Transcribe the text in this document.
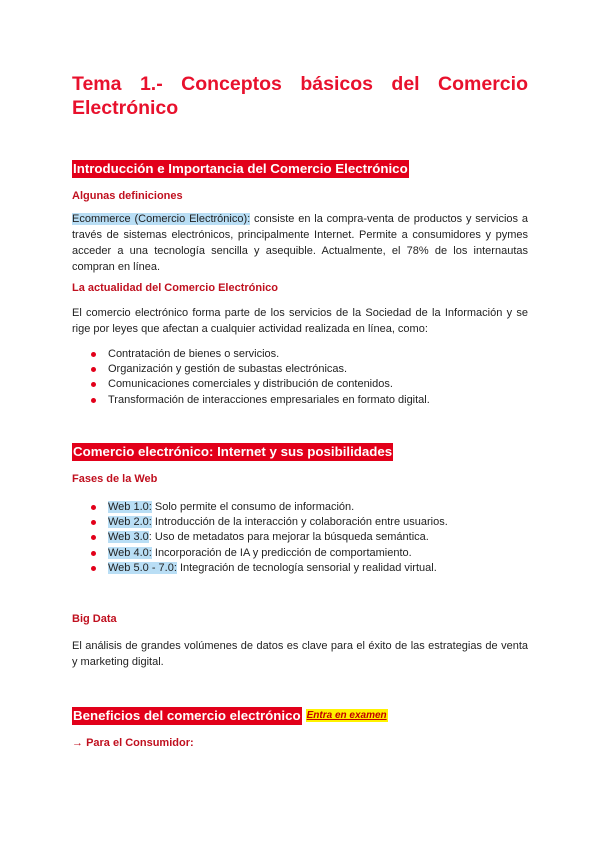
Tema 1.- Conceptos básicos del Comercio Electrónico
Introducción e Importancia del Comercio Electrónico
Algunas definiciones
Ecommerce (Comercio Electrónico): consiste en la compra-venta de productos y servicios a través de sistemas electrónicos, principalmente Internet. Permite a consumidores y pymes acceder a una tecnología sencilla y asequible. Actualmente, el 78% de los internautas compran en línea.
La actualidad del Comercio Electrónico
El comercio electrónico forma parte de los servicios de la Sociedad de la Información y se rige por leyes que afectan a cualquier actividad realizada en línea, como:
Contratación de bienes o servicios.
Organización y gestión de subastas electrónicas.
Comunicaciones comerciales y distribución de contenidos.
Transformación de interacciones empresariales en formato digital.
Comercio electrónico: Internet y sus posibilidades
Fases de la Web
Web 1.0: Solo permite el consumo de información.
Web 2.0: Introducción de la interacción y colaboración entre usuarios.
Web 3.0: Uso de metadatos para mejorar la búsqueda semántica.
Web 4.0: Incorporación de IA y predicción de comportamiento.
Web 5.0 - 7.0: Integración de tecnología sensorial y realidad virtual.
Big Data
El análisis de grandes volúmenes de datos es clave para el éxito de las estrategias de venta y marketing digital.
Beneficios del comercio electrónico Entra en examen
→ Para el Consumidor:
